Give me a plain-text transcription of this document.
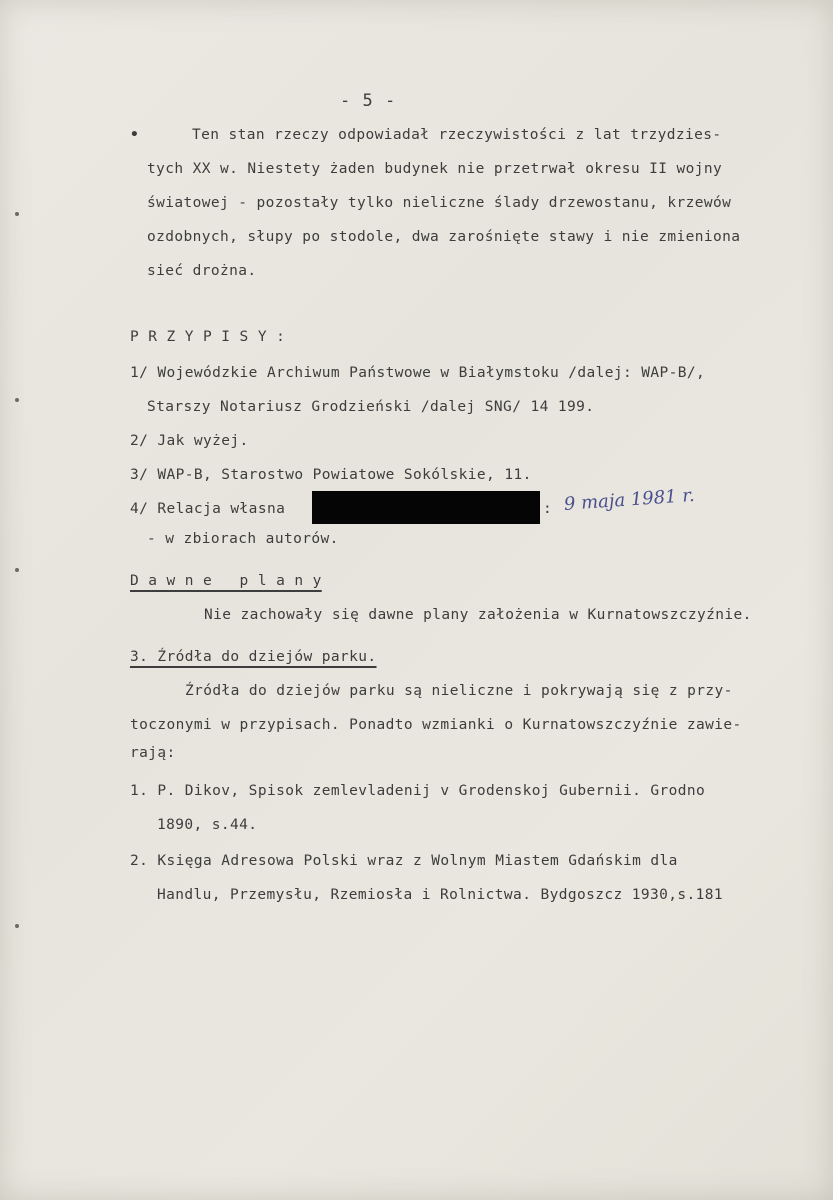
- 5 -
•	Ten stan rzeczy odpowiadał rzeczywistości z lat trzydzies-
tych XX w. Niestety żaden budynek nie przetrwał okresu II wojny
światowej - pozostały tylko nieliczne ślady drzewostanu, krzewów
ozdobnych, słupy po stodole, dwa zarośnięte stawy i nie zmieniona
sieć drożna.
P R Z Y P I S Y :
1/ Wojewódzkie Archiwum Państwowe w Białymstoku /dalej: WAP-B/,
Starszy Notariusz Grodzieński /dalej SNG/ 14 199.
2/ Jak wyżej.
3/ WAP-B, Starostwo Powiatowe Sokólskie, 11.
4/ Relacja własna	: 9 maja 1981 r.
- w zbiorach autorów.
D a w n e   p l a n y
Nie zachowały się dawne plany założenia w Kurnatowszczyźnie.
3. Źródła do dziejów parku.
Źródła do dziejów parku są nieliczne i pokrywają się z przy-
toczonymi w przypisach. Ponadto wzmianki o Kurnatowszczyźnie zawie-
rają:
1. P. Dikov, Spisok zemlevladenij v Grodenskoj Gubernii. Grodno
1890, s.44.
2. Księga Adresowa Polski wraz z Wolnym Miastem Gdańskim dla
Handlu, Przemysłu, Rzemiosła i Rolnictwa. Bydgoszcz 1930,s.181
